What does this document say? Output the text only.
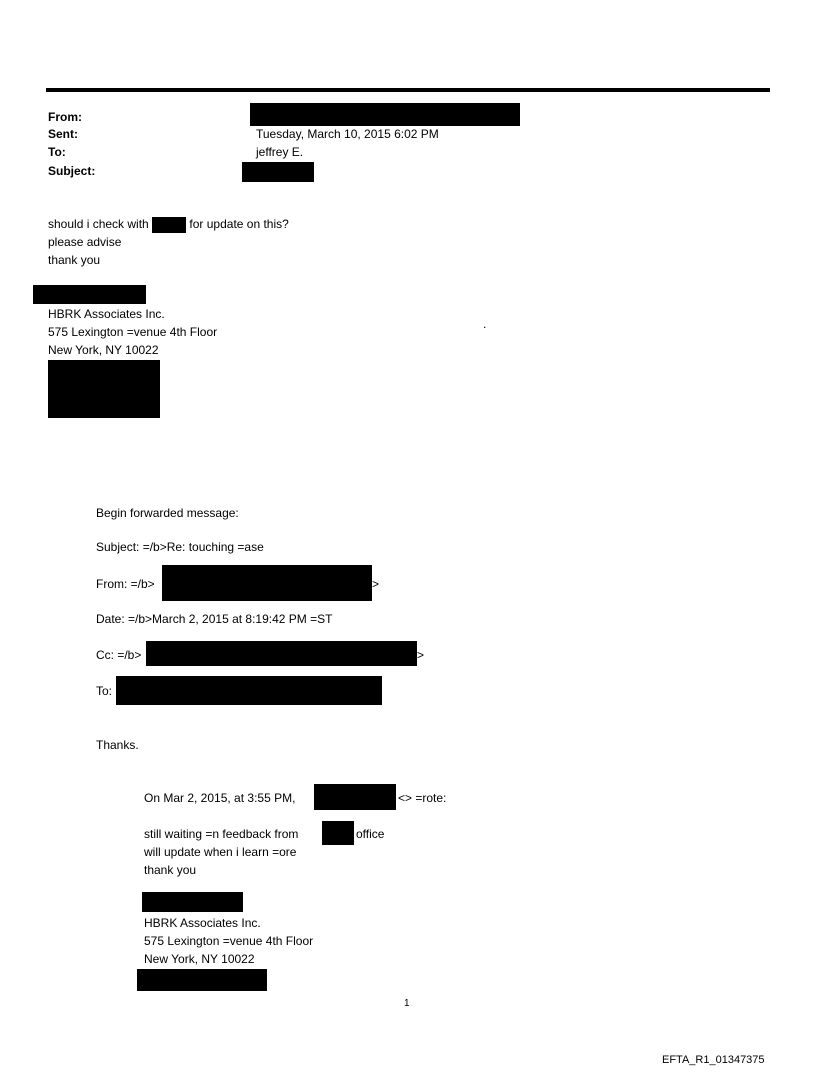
From:
Sent:	Tuesday, March 10, 2015 6:02 PM
To:	jeffrey E.
Subject:
should i check with	for update on this?
please advise
thank you
HBRK Associates Inc.
575 Lexington =venue 4th Floor
New York, NY 10022
.
Begin forwarded message:
Subject: =/b>Re: touching =ase
From: =/b>	>
Date: =/b>March 2, 2015 at 8:19:42 PM =ST
Cc: =/b>	>
To:
Thanks.
On Mar 2, 2015, at 3:55 PM,	<> =rote:
still waiting =n feedback from	office
will update when i learn =ore
thank you
HBRK Associates Inc.
575 Lexington =venue 4th Floor
New York, NY 10022
1
EFTA_R1_01347375
